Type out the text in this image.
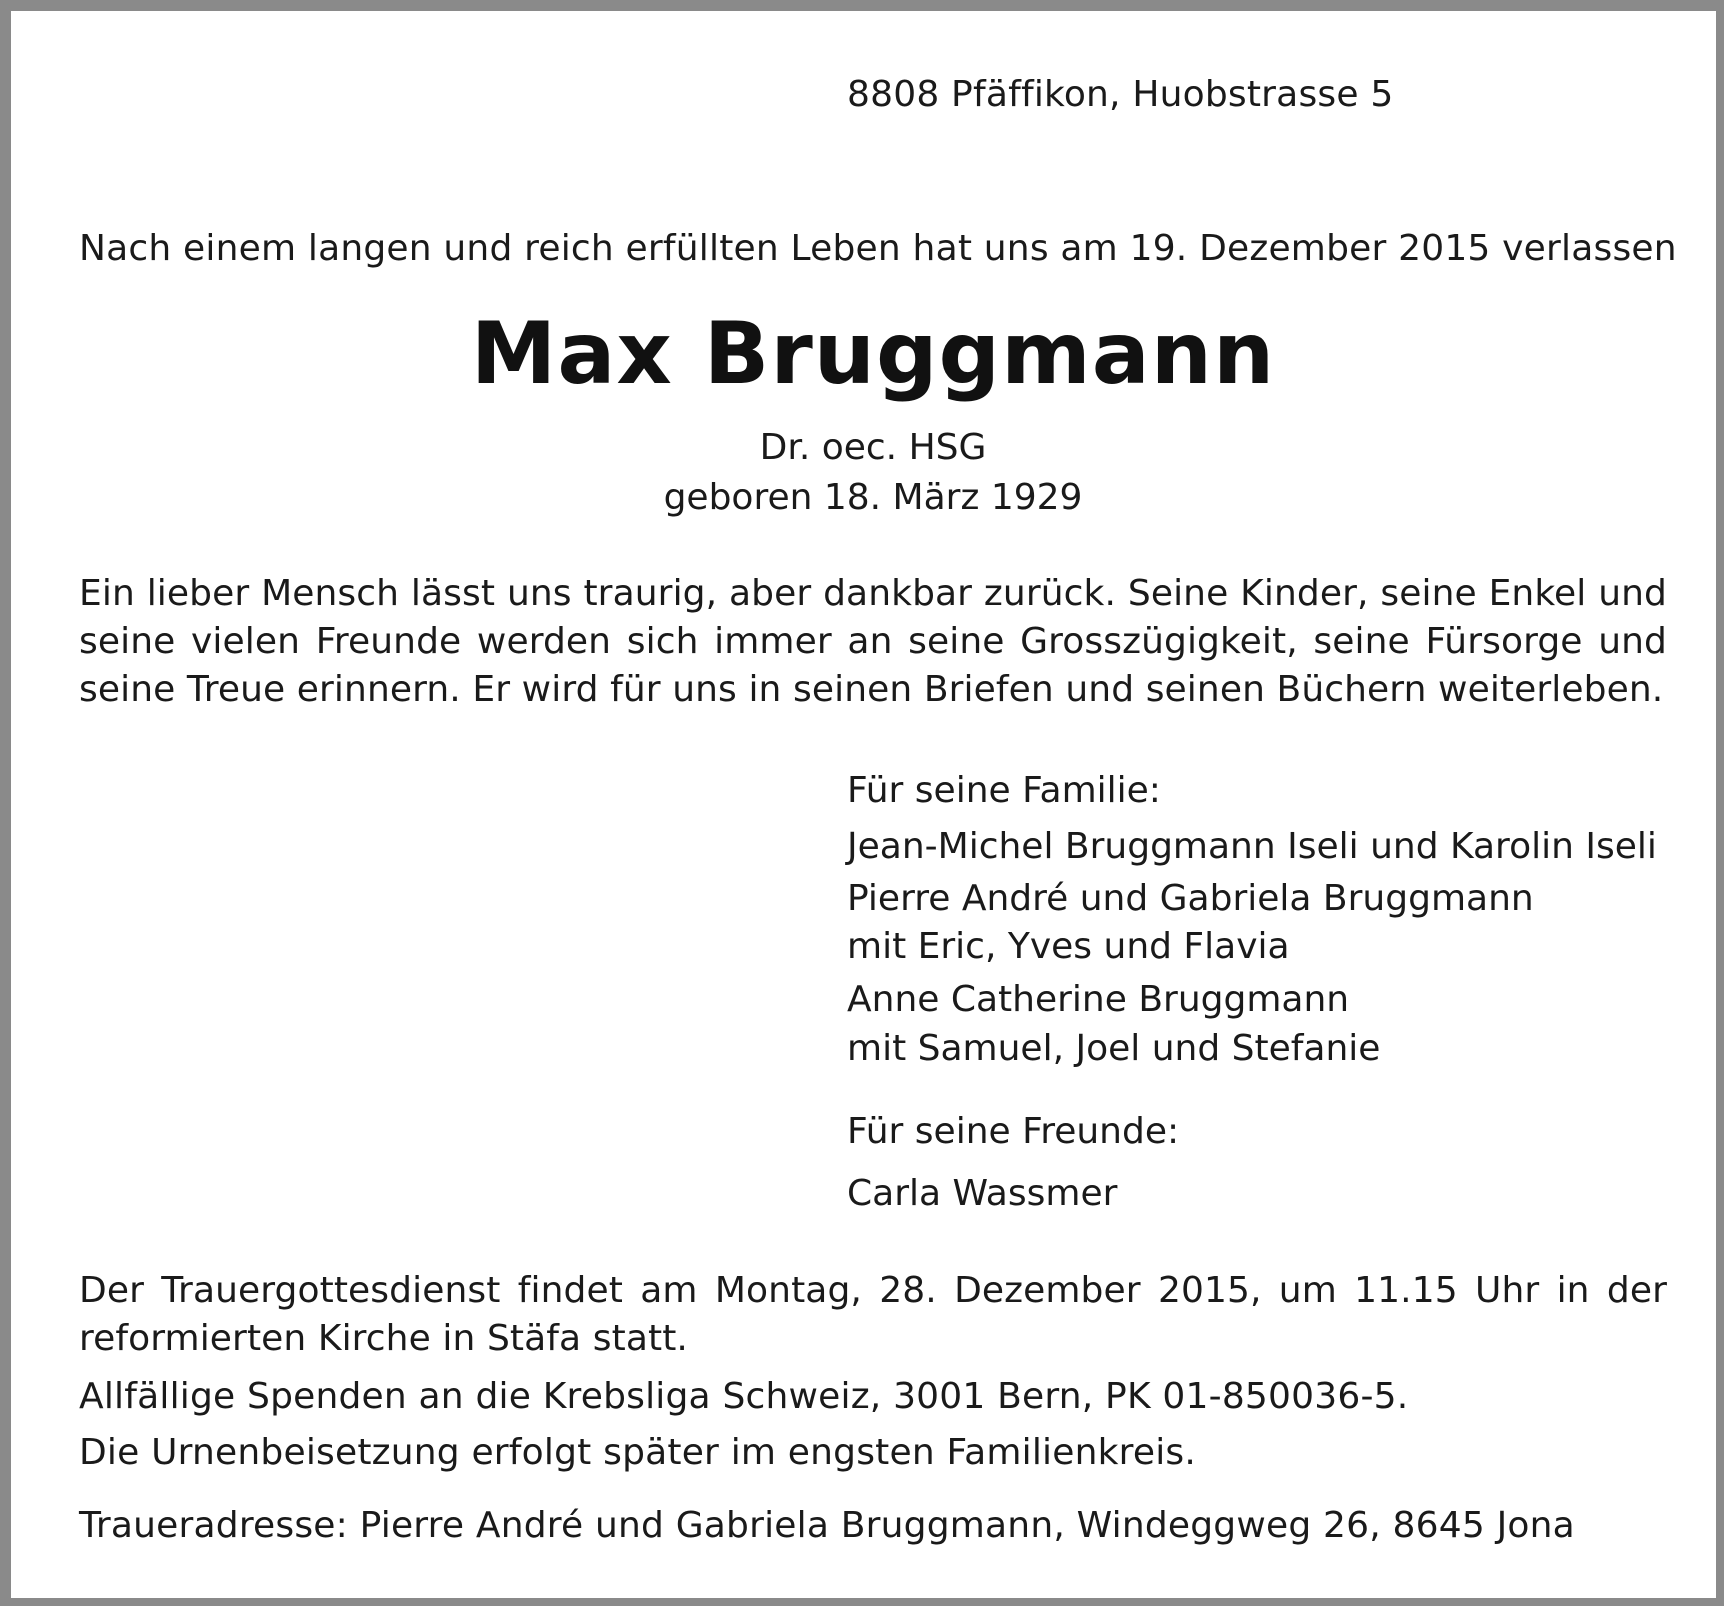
8808 Pfäffikon, Huobstrasse 5

Nach einem langen und reich erfüllten Leben hat uns am 19. Dezember 2015 verlassen

Max Bruggmann

Dr. oec. HSG

geboren 18. März 1929

Ein lieber Mensch lässt uns traurig, aber dankbar zurück. Seine Kinder, seine Enkel und seine vielen Freunde werden sich immer an seine Grosszügigkeit, seine Fürsorge und seine Treue erinnern. Er wird für uns in seinen Briefen und seinen Büchern weiterleben.

Für seine Familie:

Jean-Michel Bruggmann Iseli und Karolin Iseli

Pierre André und Gabriela Bruggmann

mit Eric, Yves und Flavia

Anne Catherine Bruggmann

mit Samuel, Joel und Stefanie

Für seine Freunde:

Carla Wassmer

Der Trauergottesdienst findet am Montag, 28. Dezember 2015, um 11.15 Uhr in der reformierten Kirche in Stäfa statt.

Allfällige Spenden an die Krebsliga Schweiz, 3001 Bern, PK 01-850036-5.

Die Urnenbeisetzung erfolgt später im engsten Familienkreis.

Traueradresse: Pierre André und Gabriela Bruggmann, Windeggweg 26, 8645 Jona
